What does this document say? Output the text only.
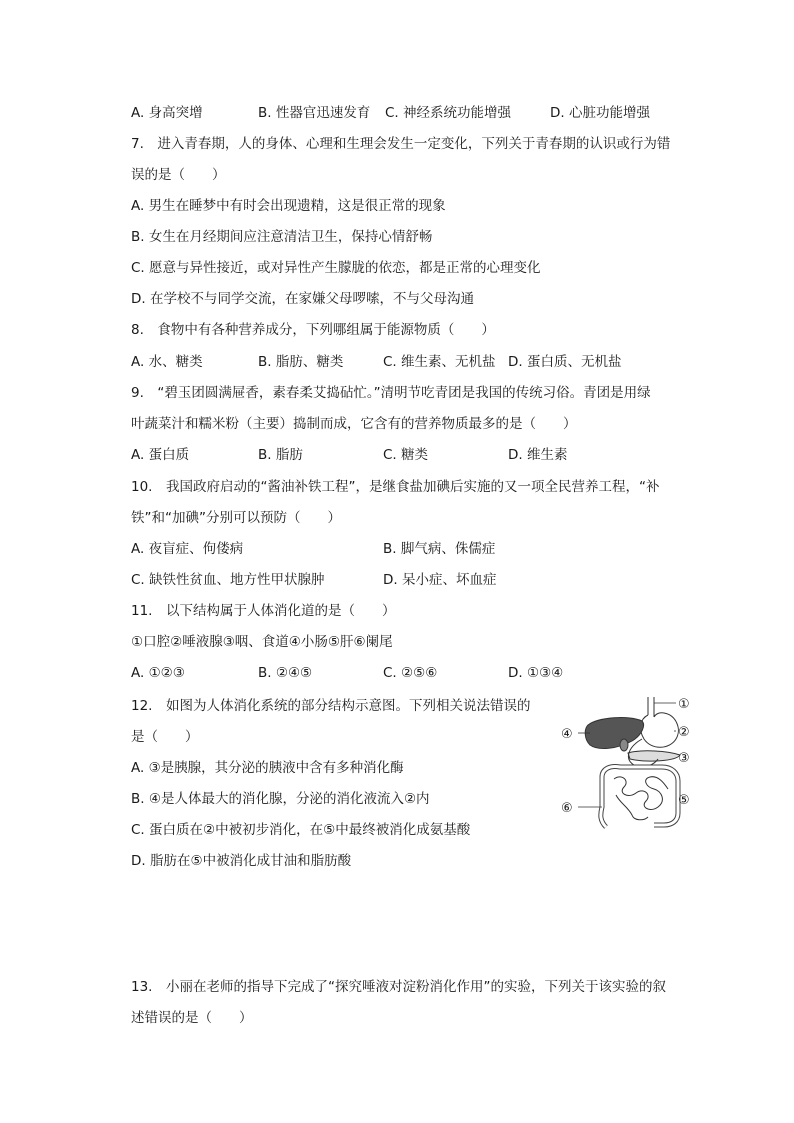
A. 身高突增	B. 性器官迅速发育 C. 神经系统功能增强	D. 心脏功能增强
7.　进入青春期，人的身体、心理和生理会发生一定变化，下列关于青春期的认识或行为错
误的是（　　）
A. 男生在睡梦中有时会出现遗精，这是很正常的现象
B. 女生在月经期间应注意清洁卫生，保持心情舒畅
C. 愿意与异性接近，或对异性产生朦胧的依恋，都是正常的心理变化
D. 在学校不与同学交流，在家嫌父母啰嗦，不与父母沟通
8.　食物中有各种营养成分，下列哪组属于能源物质（　　）
A. 水、糖类	B. 脂肪、糖类	C. 维生素、无机盐 D. 蛋白质、无机盐
9.　“碧玉团圆满屉香，素春柔艾捣砧忙。”清明节吃青团是我国的传统习俗。青团是用绿
叶蔬菜汁和糯米粉（主要）捣制而成，它含有的营养物质最多的是（　　）
A. 蛋白质	B. 脂肪	C. 糖类	D. 维生素
10.　我国政府启动的“酱油补铁工程”，是继食盐加碘后实施的又一项全民营养工程，“补
铁”和“加碘”分别可以预防（　　）
A. 夜盲症、佝偻病	B. 脚气病、侏儒症
C. 缺铁性贫血、地方性甲状腺肿	D. 呆小症、坏血症
11.　以下结构属于人体消化道的是（　　）
①口腔②唾液腺③咽、食道④小肠⑤肝⑥阑尾
A. ①②③	B. ②④⑤	C. ②⑤⑥	D. ①③④
12.　如图为人体消化系统的部分结构示意图。下列相关说法错误的
是（　　）
A. ③是胰腺，其分泌的胰液中含有多种消化酶
B. ④是人体最大的消化腺，分泌的消化液流入②内
C. 蛋白质在②中被初步消化，在⑤中最终被消化成氨基酸
D. 脂肪在⑤中被消化成甘油和脂肪酸
①
②
③
④
⑤
⑥
13.　小丽在老师的指导下完成了“探究唾液对淀粉消化作用”的实验，下列关于该实验的叙
述错误的是（　　）
